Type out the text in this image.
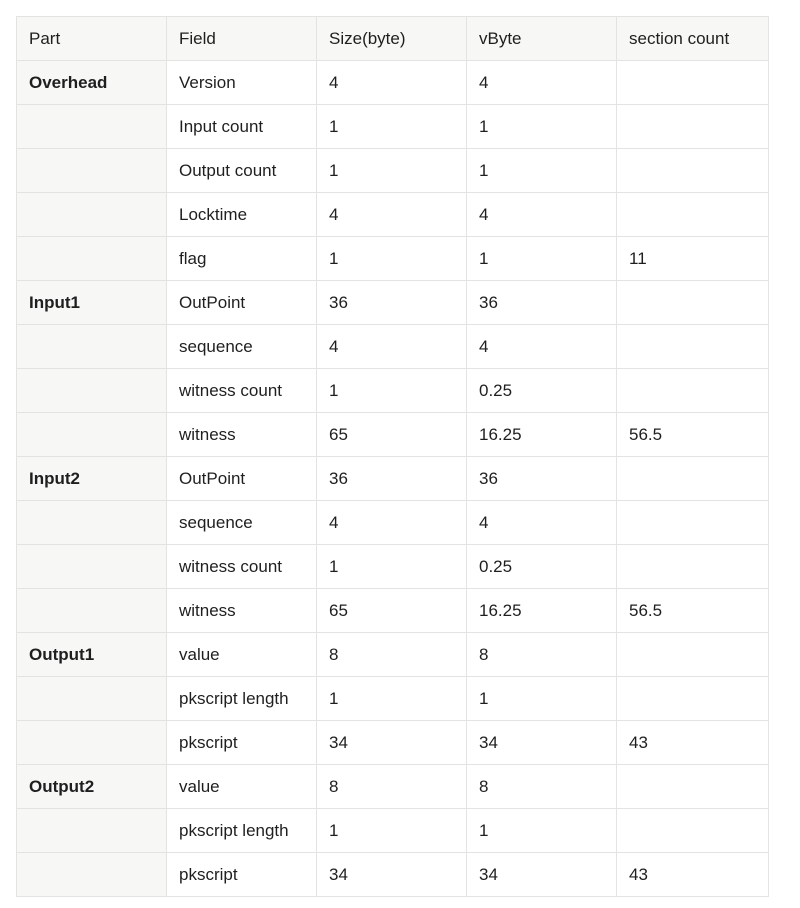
Part	Field	Size(byte)	vByte	section count
Overhead	Version	4	4	
	Input count	1	1	
	Output count	1	1	
	Locktime	4	4	
	flag	1	1	11
Input1	OutPoint	36	36	
	sequence	4	4	
	witness count	1	0.25	
	witness	65	16.25	56.5
Input2	OutPoint	36	36	
	sequence	4	4	
	witness count	1	0.25	
	witness	65	16.25	56.5
Output1	value	8	8	
	pkscript length	1	1	
	pkscript	34	34	43
Output2	value	8	8	
	pkscript length	1	1	
	pkscript	34	34	43
